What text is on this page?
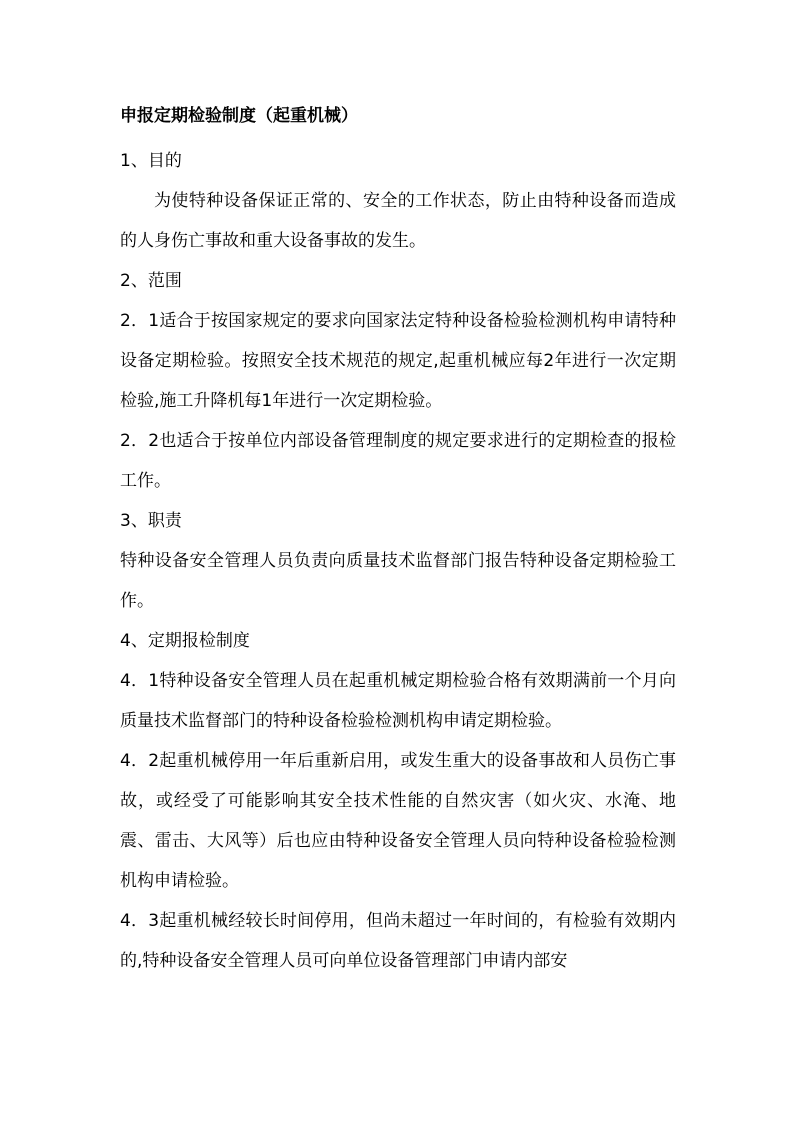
申报定期检验制度（起重机械）

1、目的

为使特种设备保证正常的、安全的工作状态，防止由特种设备而造成的人身伤亡事故和重大设备事故的发生。

2、范围

2．1适合于按国家规定的要求向国家法定特种设备检验检测机构申请特种设备定期检验。按照安全技术规范的规定,起重机械应每2年进行一次定期检验,施工升降机每1年进行一次定期检验。

2．2也适合于按单位内部设备管理制度的规定要求进行的定期检查的报检工作。

3、职责

特种设备安全管理人员负责向质量技术监督部门报告特种设备定期检验工作。

4、定期报检制度

4．1特种设备安全管理人员在起重机械定期检验合格有效期满前一个月向质量技术监督部门的特种设备检验检测机构申请定期检验。

4．2起重机械停用一年后重新启用，或发生重大的设备事故和人员伤亡事故，或经受了可能影响其安全技术性能的自然灾害（如火灾、水淹、地震、雷击、大风等）后也应由特种设备安全管理人员向特种设备检验检测机构申请检验。

4．3起重机械经较长时间停用，但尚未超过一年时间的，有检验有效期内的,特种设备安全管理人员可向单位设备管理部门申请内部安
